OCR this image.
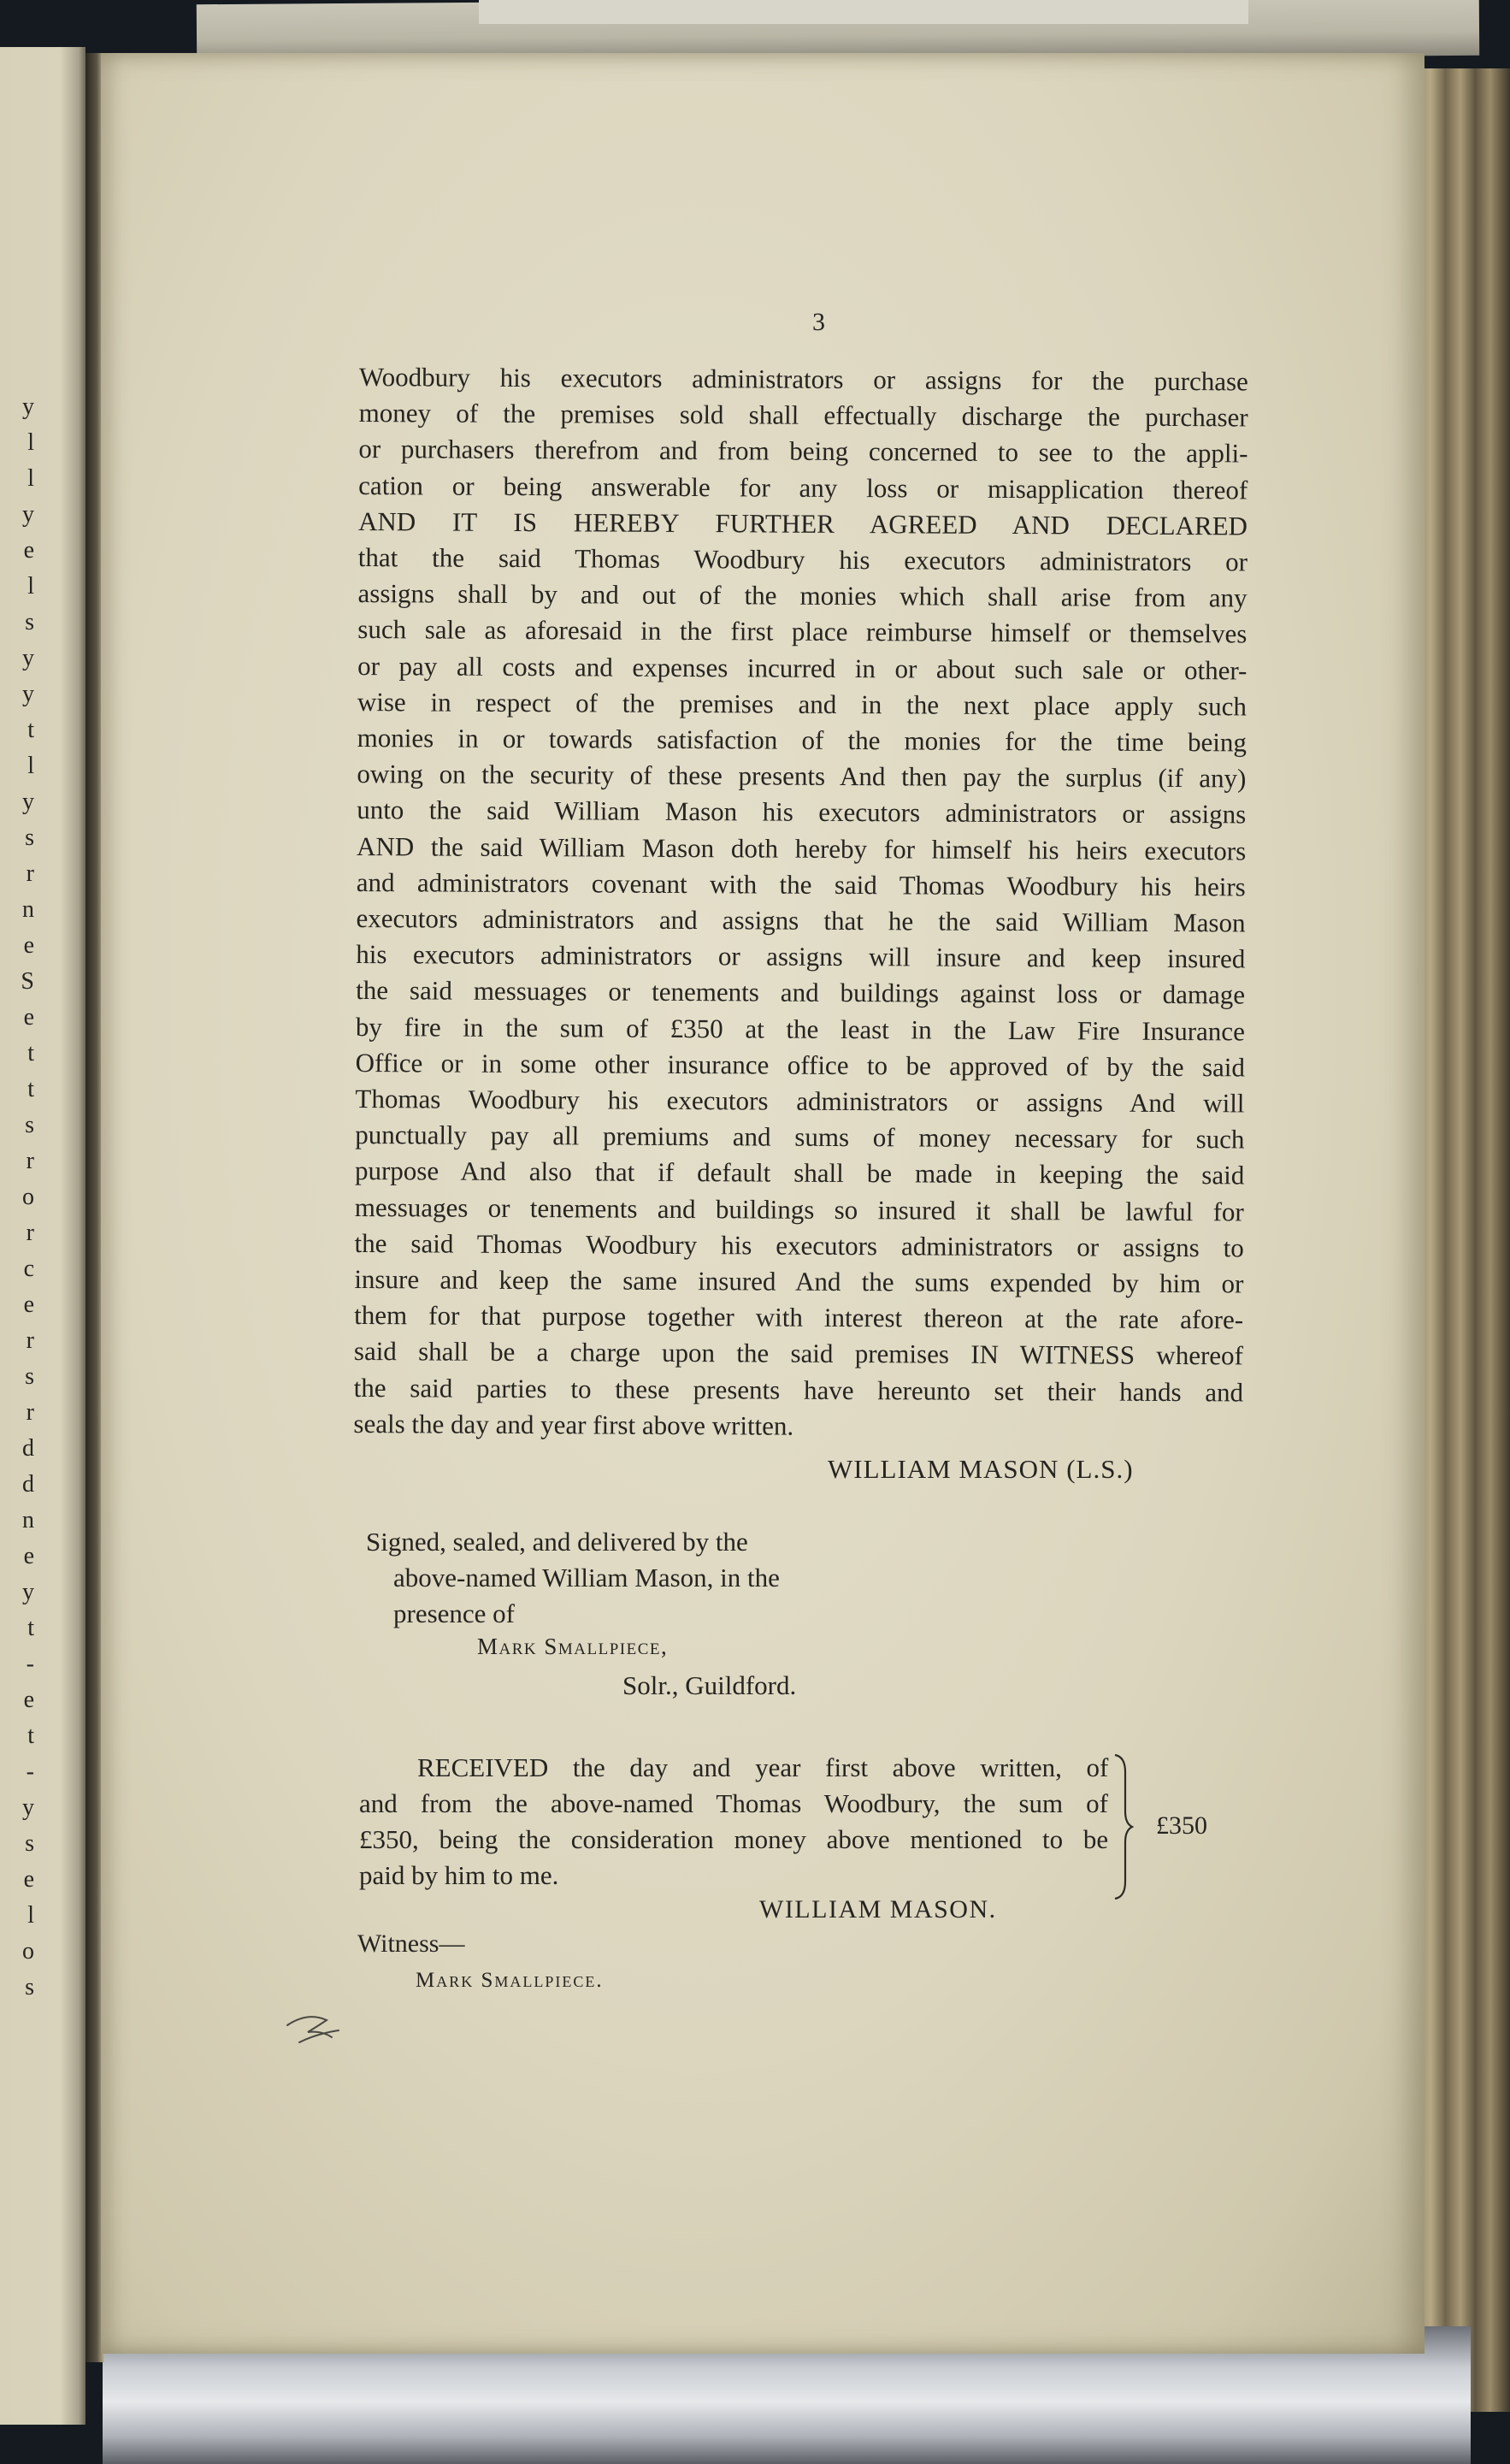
y
l
l
y
e
l
s
y
y
t
l
y
s
r
n
e
S
e
t
t
s
r
o
r
c
e
r
s
r
d
d
n
e
y
t
-
e
t
-
y
s
e
l
o
s
3
Woodbury his executors administrators or assigns for the purchase
money of the premises sold shall effectually discharge the purchaser
or purchasers therefrom and from being concerned to see to the appli-
cation or being answerable for any loss or misapplication thereof
AND IT IS HEREBY FURTHER AGREED AND DECLARED
that the said Thomas Woodbury his executors administrators or
assigns shall by and out of the monies which shall arise from any
such sale as aforesaid in the first place reimburse himself or themselves
or pay all costs and expenses incurred in or about such sale or other-
wise in respect of the premises and in the next place apply such
monies in or towards satisfaction of the monies for the time being
owing on the security of these presents And then pay the surplus (if any)
unto the said William Mason his executors administrators or assigns
AND the said William Mason doth hereby for himself his heirs executors
and administrators covenant with the said Thomas Woodbury his heirs
executors administrators and assigns that he the said William Mason
his executors administrators or assigns will insure and keep insured
the said messuages or tenements and buildings against loss or damage
by fire in the sum of £350 at the least in the Law Fire Insurance
Office or in some other insurance office to be approved of by the said
Thomas Woodbury his executors administrators or assigns And will
punctually pay all premiums and sums of money necessary for such
purpose And also that if default shall be made in keeping the said
messuages or tenements and buildings so insured it shall be lawful for
the said Thomas Woodbury his executors administrators or assigns to
insure and keep the same insured And the sums expended by him or
them for that purpose together with interest thereon at the rate afore-
said shall be a charge upon the said premises IN WITNESS whereof
the said parties to these presents have hereunto set their hands and
seals the day and year first above written.
WILLIAM MASON (L.S.)
Signed, sealed, and delivered by the
above-named William Mason, in the
presence of
Mark Smallpiece,
Solr., Guildford.
RECEIVED the day and year first above written, of
and from the above-named Thomas Woodbury, the sum of
£350, being the consideration money above mentioned to be
paid by him to me.
£350
WILLIAM MASON.
Witness—
Mark Smallpiece.
